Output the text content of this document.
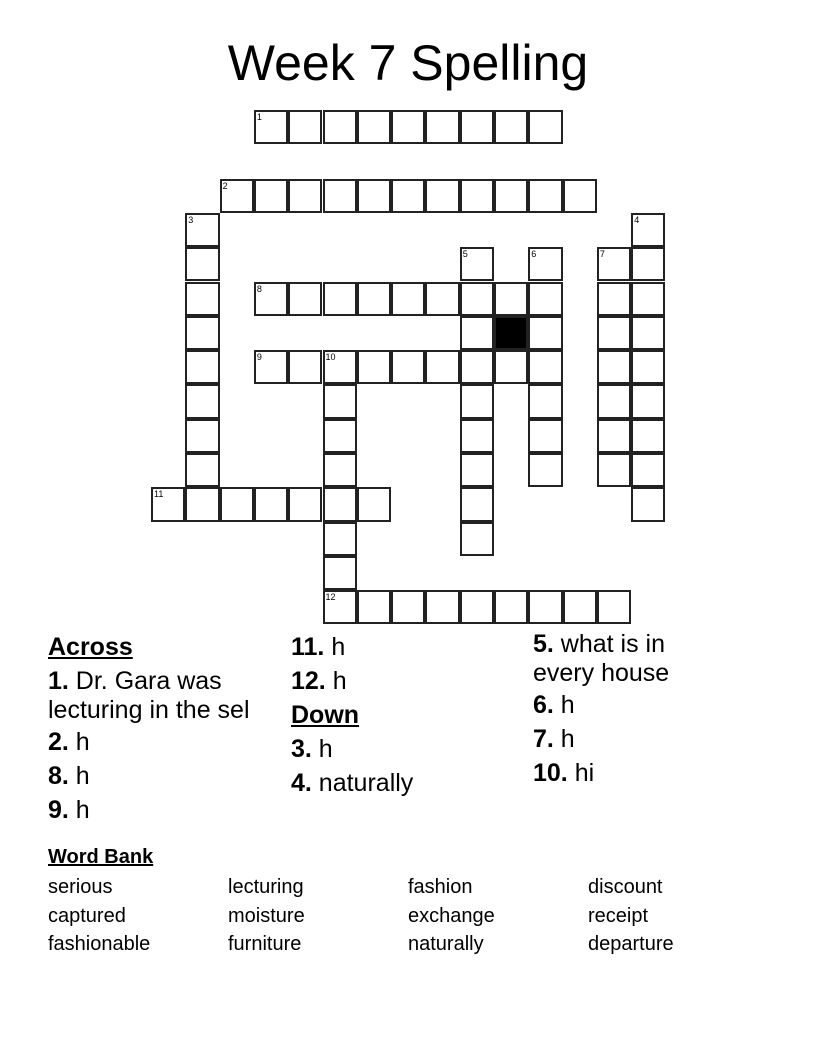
Week 7 Spelling
1
2
3	4
5	6	7
8
9	10
12
11
Across
1. Dr. Gara was lecturing in the sel
2. h
8. h
9. h
11. h
12. h
Down
3. h
4. naturally
5. what is in every house
6. h
7. h
10. hi
Word Bank
serious	lecturing	fashion	discount
captured	moisture	exchange	receipt
fashionable	furniture	naturally	departure
